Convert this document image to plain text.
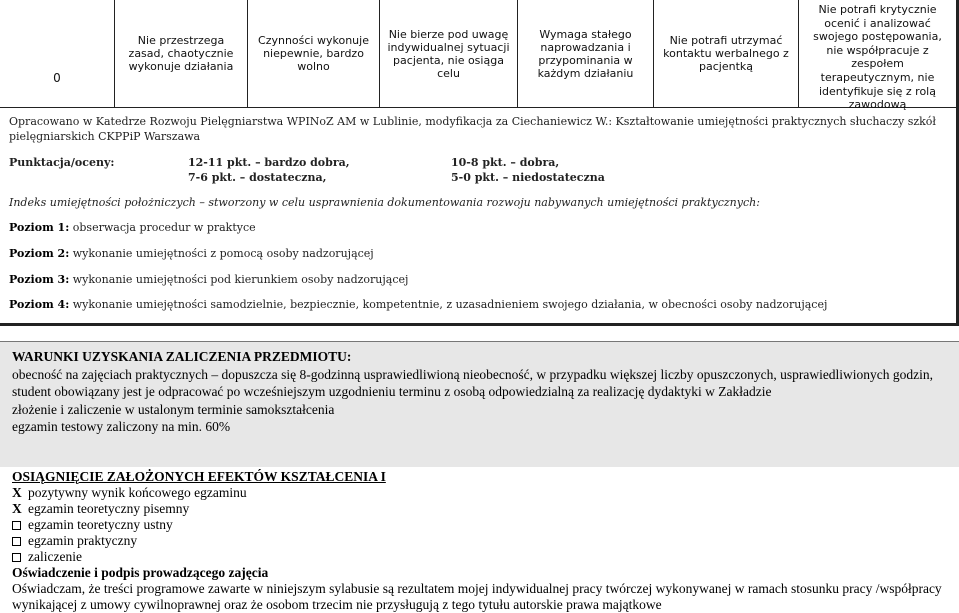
0
Nie przestrzega zasad, chaotycznie wykonuje działania
Czynności wykonuje niepewnie, bardzo wolno
Nie bierze pod uwagę indywidualnej sytuacji pacjenta, nie osiąga celu
Wymaga stałego naprowadzania i przypominania w każdym działaniu
Nie potrafi utrzymać kontaktu werbalnego z pacjentką
Nie potrafi krytycznie ocenić i analizować swojego postępowania, nie współpracuje z zespołem terapeutycznym, nie identyfikuje się z rolą zawodową
Opracowano w Katedrze Rozwoju Pielęgniarstwa WPINoZ AM w Lublinie, modyfikacja za Ciechaniewicz W.: Kształtowanie umiejętności praktycznych słuchaczy szkół pielęgniarskich CKPPiP Warszawa
Punktacja/oceny:	12-11 pkt. – bardzo dobra,
7-6 pkt. – dostateczna,
10-8 pkt. – dobra,
5-0 pkt. – niedostateczna
Indeks umiejętności położniczych – stworzony w celu usprawnienia dokumentowania rozwoju nabywanych umiejętności praktycznych:
Poziom 1: obserwacja procedur w praktyce
Poziom 2: wykonanie umiejętności z pomocą osoby nadzorującej
Poziom 3: wykonanie umiejętności pod kierunkiem osoby nadzorującej
Poziom 4: wykonanie umiejętności samodzielnie, bezpiecznie, kompetentnie, z uzasadnieniem swojego działania, w obecności osoby nadzorującej
WARUNKI UZYSKANIA ZALICZENIA PRZEDMIOTU:
obecność na zajęciach praktycznych – dopuszcza się 8-godzinną usprawiedliwioną nieobecność, w przypadku większej liczby opuszczonych, usprawiedliwionych godzin, student obowiązany jest je odpracować po wcześniejszym uzgodnieniu terminu z osobą odpowiedzialną za realizację dydaktyki w Zakładzie
złożenie i zaliczenie w ustalonym terminie samokształcenia
egzamin testowy zaliczony na min. 60%
OSIĄGNIĘCIE ZAŁOŻONYCH EFEKTÓW KSZTAŁCENIA I
X pozytywny wynik końcowego egzaminu
X egzamin teoretyczny pisemny
egzamin teoretyczny ustny
egzamin praktyczny
zaliczenie
Oświadczenie i podpis prowadzącego zajęcia
Oświadczam, że treści programowe zawarte w niniejszym sylabusie są rezultatem mojej indywidualnej pracy twórczej wykonywanej w ramach stosunku pracy /współpracy wynikającej z umowy cywilnoprawnej oraz że osobom trzecim nie przysługują z tego tytułu autorskie prawa majątkowe
